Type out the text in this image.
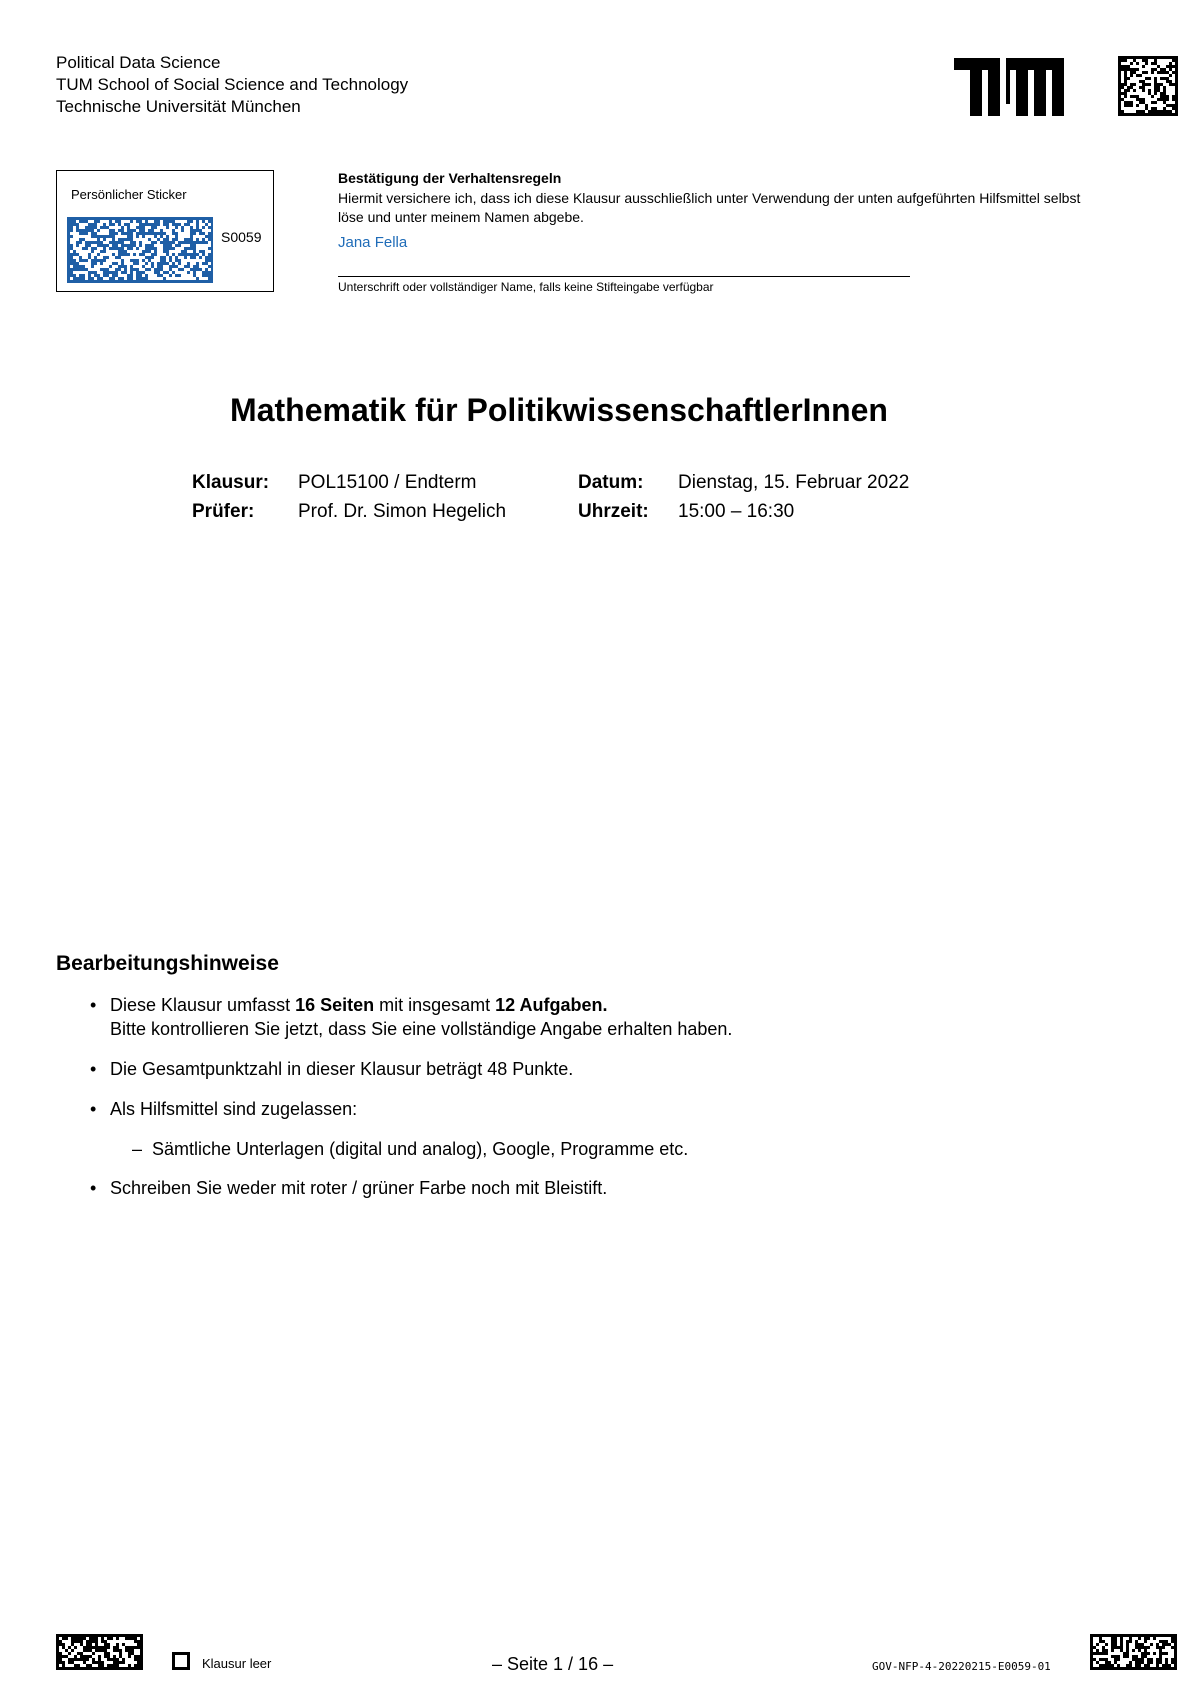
Political Data Science
TUM School of Social Science and Technology
Technische Universität München
Persönlicher Sticker
S0059
Bestätigung der Verhaltensregeln
Hiermit versichere ich, dass ich diese Klausur ausschließlich unter Verwendung der unten aufgeführten Hilfsmittel selbst löse und unter meinem Namen abgebe.
Jana Fella
Unterschrift oder vollständiger Name, falls keine Stifteingabe verfügbar
Mathematik für PolitikwissenschaftlerInnen
Klausur: POL15100 / Endterm	Datum: Dienstag, 15. Februar 2022
Prüfer: Prof. Dr. Simon Hegelich	Uhrzeit: 15:00 – 16:30
Bearbeitungshinweise
• Diese Klausur umfasst 16 Seiten mit insgesamt 12 Aufgaben.
Bitte kontrollieren Sie jetzt, dass Sie eine vollständige Angabe erhalten haben.
• Die Gesamtpunktzahl in dieser Klausur beträgt 48 Punkte.
• Als Hilfsmittel sind zugelassen:
– Sämtliche Unterlagen (digital und analog), Google, Programme etc.
• Schreiben Sie weder mit roter / grüner Farbe noch mit Bleistift.
Klausur leer	– Seite 1 / 16 –	GOV-NFP-4-20220215-E0059-01
